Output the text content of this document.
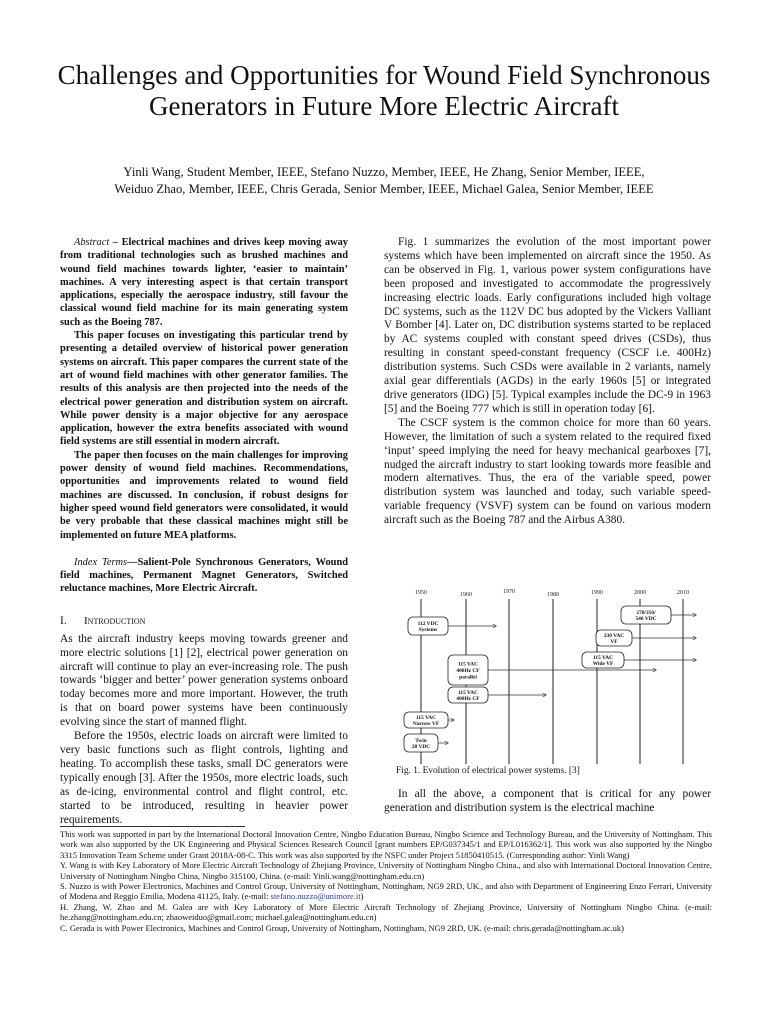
Challenges and Opportunities for Wound Field Synchronous Generators in Future More Electric Aircraft
Yinli Wang, Student Member, IEEE, Stefano Nuzzo, Member, IEEE, He Zhang, Senior Member, IEEE,
Weiduo Zhao, Member, IEEE, Chris Gerada, Senior Member, IEEE, Michael Galea, Senior Member, IEEE

Abstract – Electrical machines and drives keep moving away from traditional technologies such as brushed machines and wound field machines towards lighter, ‘easier to maintain’ machines. A very interesting aspect is that certain transport applications, especially the aerospace industry, still favour the classical wound field machine for its main generating system such as the Boeing 787.

This paper focuses on investigating this particular trend by presenting a detailed overview of historical power generation systems on aircraft. This paper compares the current state of the art of wound field machines with other generator families. The results of this analysis are then projected into the needs of the electrical power generation and distribution system on aircraft. While power density is a major objective for any aerospace application, however the extra benefits associated with wound field systems are still essential in modern aircraft.

The paper then focuses on the main challenges for improving power density of wound field machines. Recommendations, opportunities and improvements related to wound field machines are discussed. In conclusion, if robust designs for higher speed wound field generators were consolidated, it would be very probable that these classical machines might still be implemented on future MEA platforms.

Index Terms—Salient-Pole Synchronous Generators, Wound field machines, Permanent Magnet Generators, Switched reluctance machines, More Electric Aircraft.

I. Introduction

As the aircraft industry keeps moving towards greener and more electric solutions [1] [2], electrical power generation on aircraft will continue to play an ever-increasing role. The push towards ‘bigger and better’ power generation systems onboard today becomes more and more important. However, the truth is that on board power systems have been continuously evolving since the start of manned flight.

Before the 1950s, electric loads on aircraft were limited to very basic functions such as flight controls, lighting and heating. To accomplish these tasks, small DC generators were typically enough [3]. After the 1950s, more electric loads, such as de-icing, environmental control and flight control, etc. started to be introduced, resulting in heavier power requirements.

Fig. 1 summarizes the evolution of the most important power systems which have been implemented on aircraft since the 1950. As can be observed in Fig. 1, various power system configurations have been proposed and investigated to accommodate the progressively increasing electric loads. Early configurations included high voltage DC systems, such as the 112V DC bus adopted by the Vickers Valliant V Bomber [4]. Later on, DC distribution systems started to be replaced by AC systems coupled with constant speed drives (CSDs), thus resulting in constant speed-constant frequency (CSCF i.e. 400Hz) distribution systems. Such CSDs were available in 2 variants, namely axial gear differentials (AGDs) in the early 1960s [5] or integrated drive generators (IDG) [5]. Typical examples include the DC-9 in 1963 [5] and the Boeing 777 which is still in operation today [6].

The CSCF system is the common choice for more than 60 years. However, the limitation of such a system related to the required fixed ‘input’ speed implying the need for heavy mechanical gearboxes [7], nudged the aircraft industry to start looking towards more feasible and modern alternatives. Thus, the era of the variable speed, power distribution system was launched and today, such variable speed-variable frequency (VSVF) system can be found on various modern aircraft such as the Boeing 787 and the Airbus A380.

1950	1960	1970	1980	1990	2000	2010
112 VDC
Systems
270/350/
540 VDC
230 VAC
VF
115 VAC
Wide VF
115 VAC
400Hz CF
parallel
115 VAC
400Hz CF
115 VAC
Narrow VF
Twin
28 VDC
Fig. 1. Evolution of electrical power systems. [3]

In all the above, a component that is critical for any power generation and distribution system is the electrical machine

This work was supported in part by the International Doctoral Innovation Centre, Ningbo Education Bureau, Ningbo Science and Technology Bureau, and the University of Nottingham. This work was also supported by the UK Engineering and Physical Sciences Research Council [grant numbers EP/G037345/1 and EP/L016362/1]. This work was also supported by the Ningbo 3315 Innovation Team Scheme under Grant 2018A-08-C. This work was also supported by the NSFC under Project 51850410515. (Corresponding author: Yinli Wang)

Y. Wang is with Key Laboratory of More Electric Aircraft Technology of Zhejiang Province, University of Nottingham Ningbo China., and also with International Doctoral Innovation Centre, University of Nottingham Ningbo China, Ningbo 315100, China. (e-mail: Yinli.wang@nottingham.edu.cn)

S. Nuzzo is with Power Electronics, Machines and Control Group, University of Nottingham, Nottingham, NG9 2RD, UK., and also with Department of Engineering Enzo Ferrari, University of Modena and Reggio Emilia, Modena 41125, Italy. (e-mail: stefano.nuzzo@unimore.it)

H. Zhang, W. Zhao and M. Galea are with Key Laboratory of More Electric Aircraft Technology of Zhejiang Province, University of Nottingham Ningbo China. (e-mail: he.zhang@nottingham.edu.cn; zhaoweiduo@gmail.com; michael.galea@nottingham.edu.cn)

C. Gerada is with Power Electronics, Machines and Control Group, University of Nottingham, Nottingham, NG9 2RD, UK. (e-mail: chris.gerada@nottingham.ac.uk)
